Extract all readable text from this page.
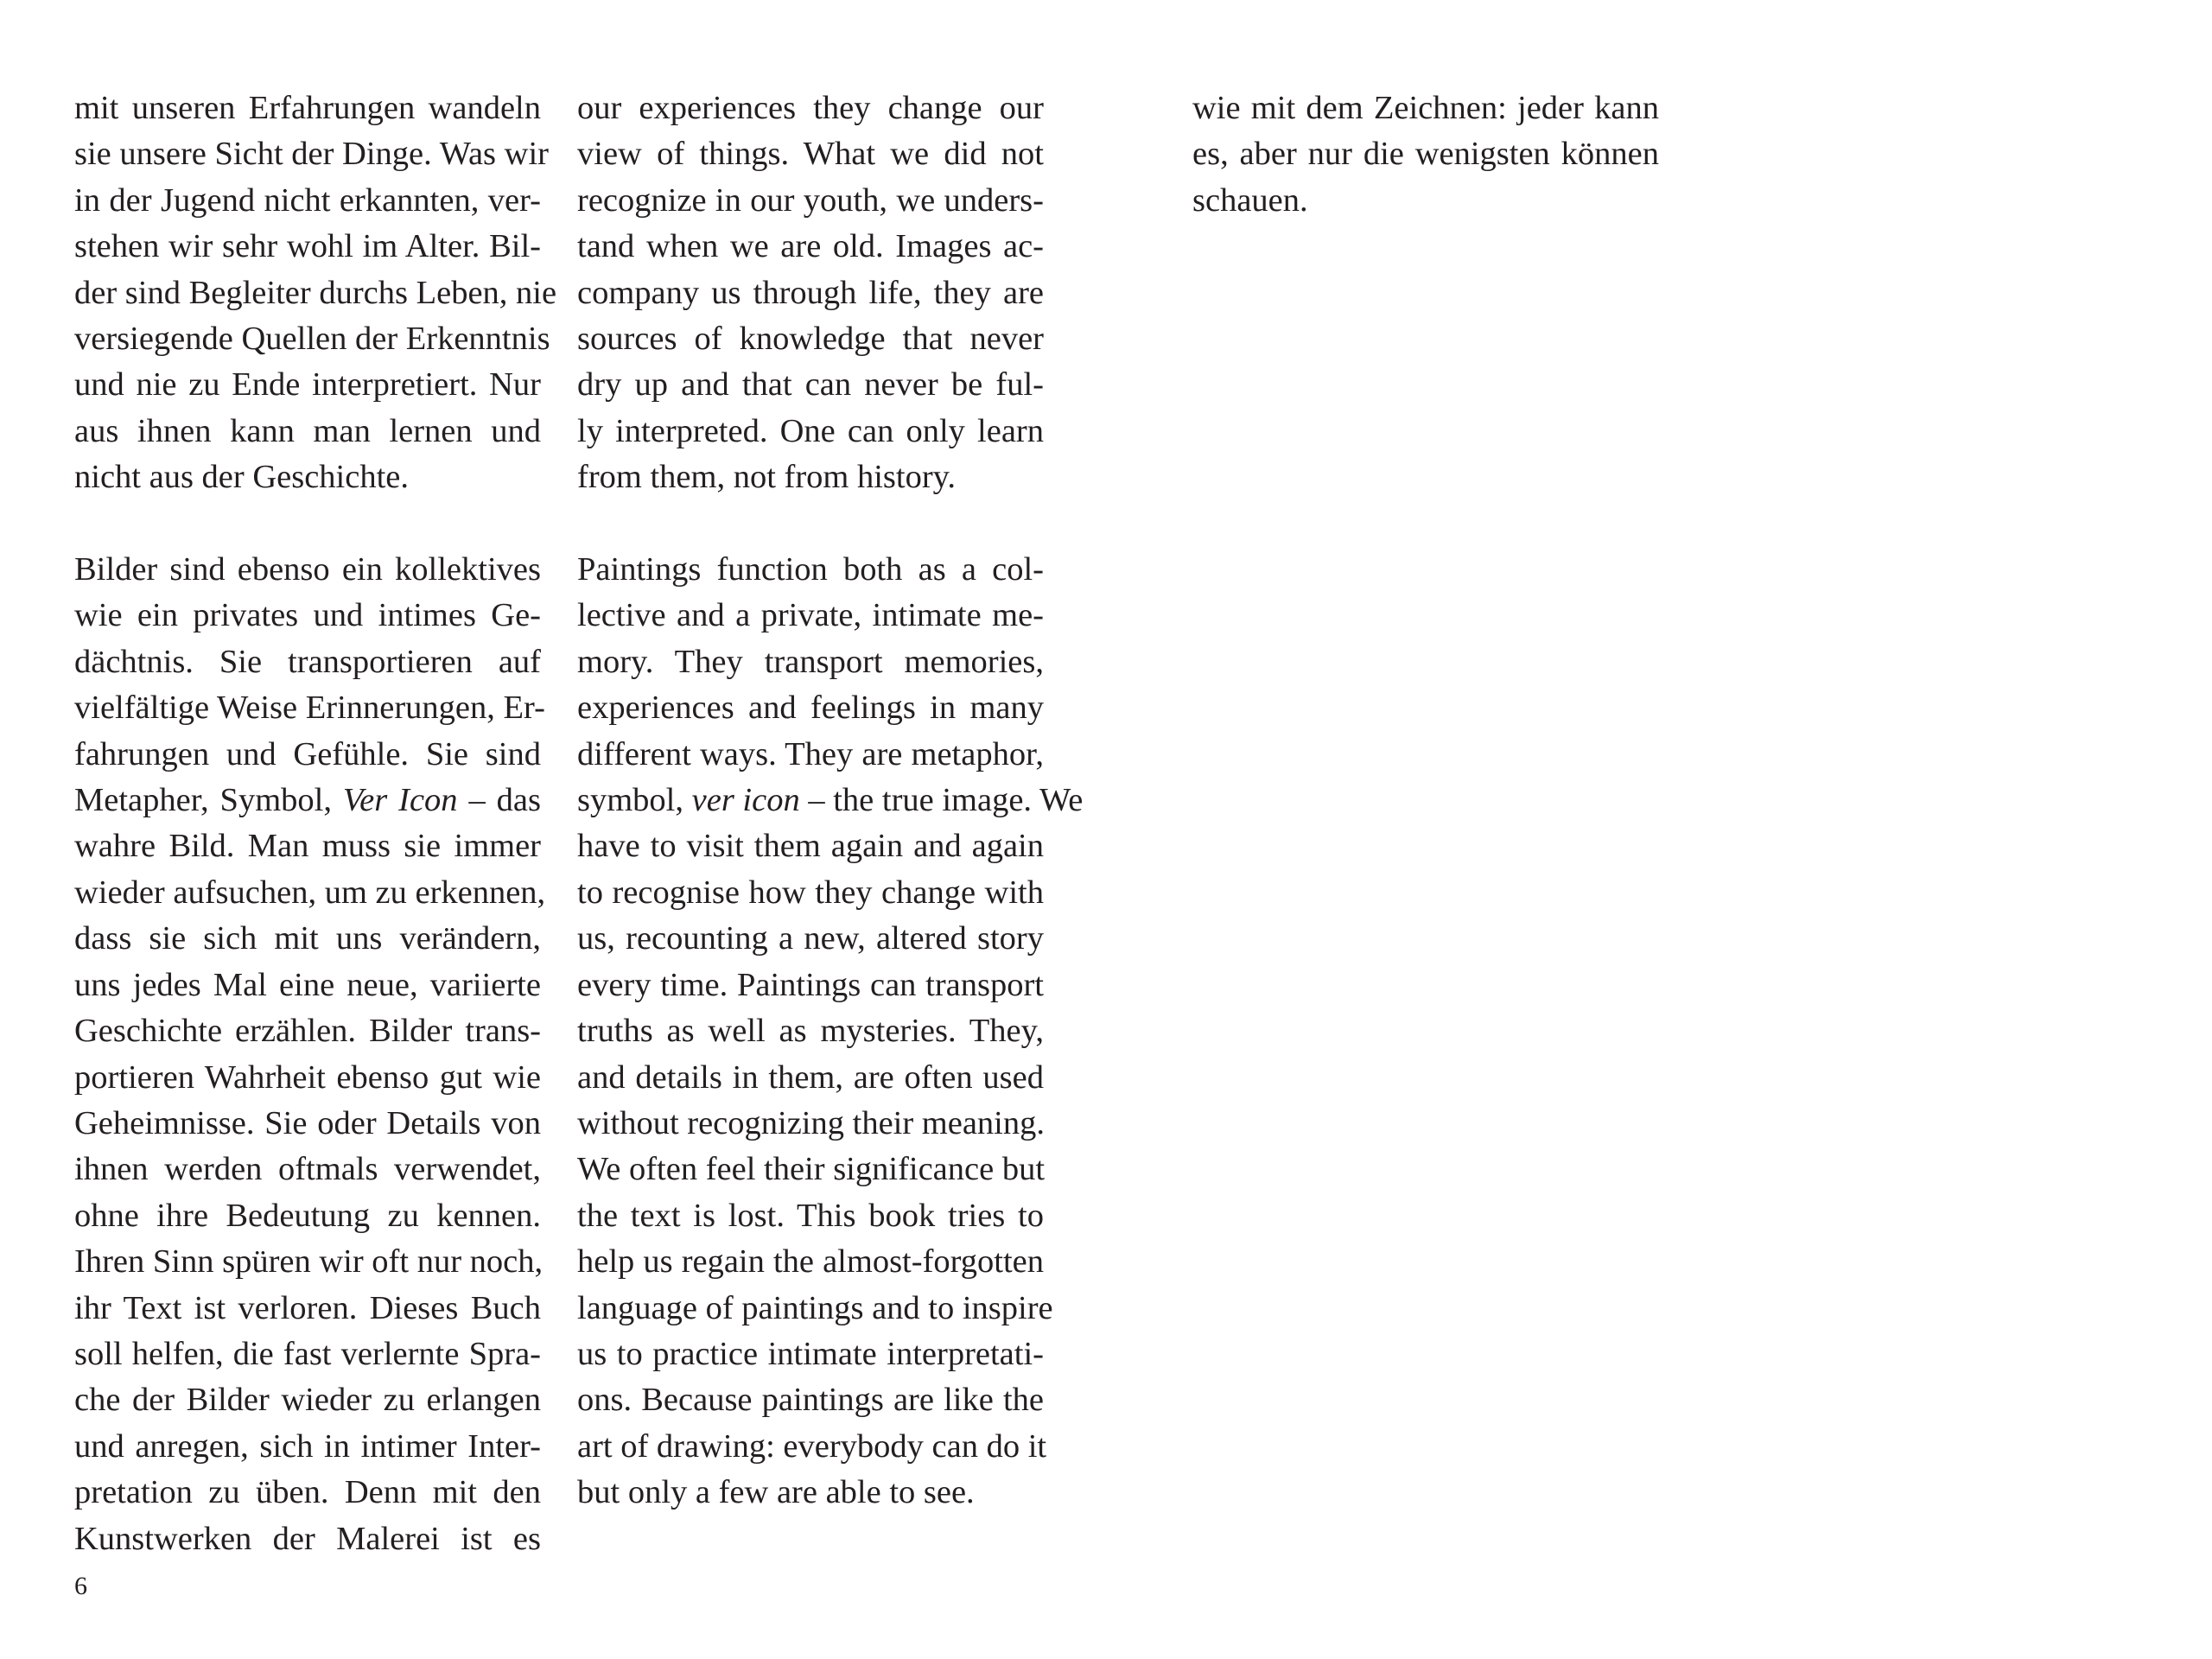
mit unseren Erfahrungen wandeln
sie unsere Sicht der Dinge. Was wir
in der Jugend nicht erkannten, ver-
stehen wir sehr wohl im Alter. Bil-
der sind Begleiter durchs Leben, nie
versiegende Quellen der Erkenntnis
und nie zu Ende interpretiert. Nur
aus ihnen kann man lernen und
nicht aus der Geschichte.

Bilder sind ebenso ein kollektives
wie ein privates und intimes Ge-
dächtnis. Sie transportieren auf
vielfältige Weise Erinnerungen, Er-
fahrungen und Gefühle. Sie sind
Metapher, Symbol, Ver Icon – das
wahre Bild. Man muss sie immer
wieder aufsuchen, um zu erkennen,
dass sie sich mit uns verändern,
uns jedes Mal eine neue, variierte
Geschichte erzählen. Bilder trans-
portieren Wahrheit ebenso gut wie
Geheimnisse. Sie oder Details von
ihnen werden oftmals verwendet,
ohne ihre Bedeutung zu kennen.
Ihren Sinn spüren wir oft nur noch,
ihr Text ist verloren. Dieses Buch
soll helfen, die fast verlernte Spra-
che der Bilder wieder zu erlangen
und anregen, sich in intimer Inter-
pretation zu üben. Denn mit den
Kunstwerken der Malerei ist es

our experiences they change our
view of things. What we did not
recognize in our youth, we unders-
tand when we are old. Images ac-
company us through life, they are
sources of knowledge that never
dry up and that can never be ful-
ly interpreted. One can only learn
from them, not from history.

Paintings function both as a col-
lective and a private, intimate me-
mory. They transport memories,
experiences and feelings in many
different ways. They are metaphor,
symbol, ver icon – the true image. We
have to visit them again and again
to recognise how they change with
us, recounting a new, altered story
every time. Paintings can transport
truths as well as mysteries. They,
and details in them, are often used
without recognizing their meaning.
We often feel their significance but
the text is lost. This book tries to
help us regain the almost-forgotten
language of paintings and to inspire
us to practice intimate interpretati-
ons. Because paintings are like the
art of drawing: everybody can do it
but only a few are able to see.

wie mit dem Zeichnen: jeder kann
es, aber nur die wenigsten können
schauen.

6
